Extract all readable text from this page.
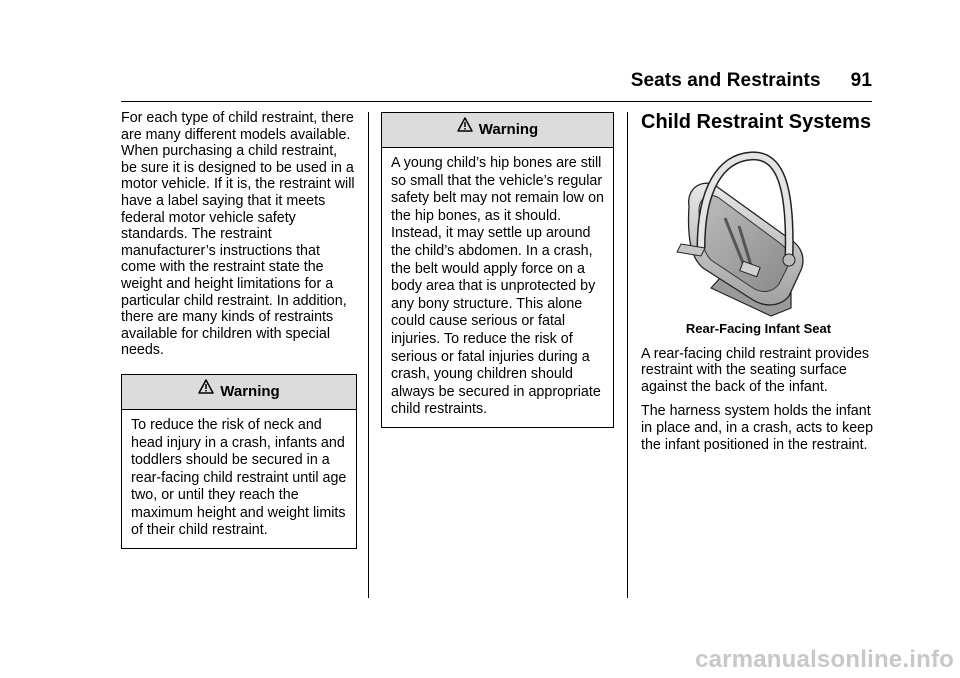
Seats and Restraints 91

For each type of child restraint, there are many different models available. When purchasing a child restraint, be sure it is designed to be used in a motor vehicle. If it is, the restraint will have a label saying that it meets federal motor vehicle safety standards. The restraint manufacturer’s instructions that come with the restraint state the weight and height limitations for a particular child restraint. In addition, there are many kinds of restraints available for children with special needs.

Warning
To reduce the risk of neck and head injury in a crash, infants and toddlers should be secured in a rear-facing child restraint until age two, or until they reach the maximum height and weight limits of their child restraint.
Warning
A young child’s hip bones are still so small that the vehicle’s regular safety belt may not remain low on the hip bones, as it should. Instead, it may settle up around the child’s abdomen. In a crash, the belt would apply force on a body area that is unprotected by any bony structure. This alone could cause serious or fatal injuries. To reduce the risk of serious or fatal injuries during a crash, young children should always be secured in appropriate child restraints.
Child Restraint Systems
Rear-Facing Infant Seat

A rear-facing child restraint provides restraint with the seating surface against the back of the infant.

The harness system holds the infant in place and, in a crash, acts to keep the infant positioned in the restraint.

carmanualsonline.info
